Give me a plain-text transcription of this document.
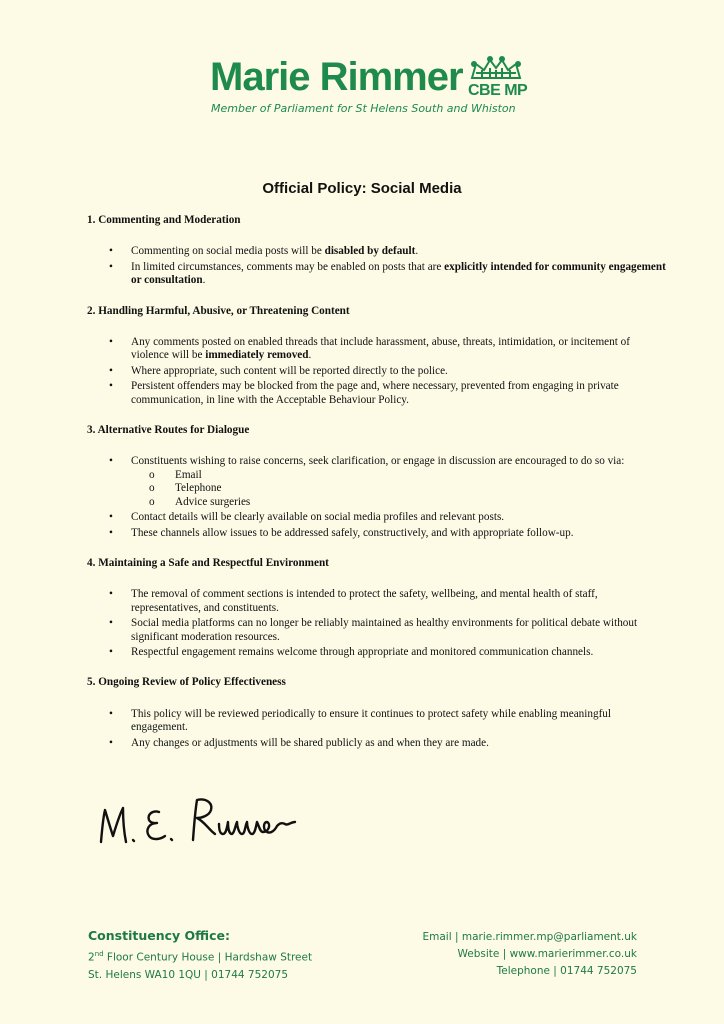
Marie Rimmer CBE MP
Member of Parliament for St Helens South and Whiston
Official Policy: Social Media
1. Commenting and Moderation
• Commenting on social media posts will be disabled by default.
• In limited circumstances, comments may be enabled on posts that are explicitly intended for community engagement or consultation.
2. Handling Harmful, Abusive, or Threatening Content
• Any comments posted on enabled threads that include harassment, abuse, threats, intimidation, or incitement of violence will be immediately removed.
• Where appropriate, such content will be reported directly to the police.
• Persistent offenders may be blocked from the page and, where necessary, prevented from engaging in private communication, in line with the Acceptable Behaviour Policy.
3. Alternative Routes for Dialogue
• Constituents wishing to raise concerns, seek clarification, or engage in discussion are encouraged to do so via:
o Email
o Telephone
o Advice surgeries
• Contact details will be clearly available on social media profiles and relevant posts.
• These channels allow issues to be addressed safely, constructively, and with appropriate follow-up.
4. Maintaining a Safe and Respectful Environment
• The removal of comment sections is intended to protect the safety, wellbeing, and mental health of staff, representatives, and constituents.
• Social media platforms can no longer be reliably maintained as healthy environments for political debate without significant moderation resources.
• Respectful engagement remains welcome through appropriate and monitored communication channels.
5. Ongoing Review of Policy Effectiveness
• This policy will be reviewed periodically to ensure it continues to protect safety while enabling meaningful engagement.
• Any changes or adjustments will be shared publicly as and when they are made.
Constituency Office:
2nd Floor Century House | Hardshaw Street
St. Helens WA10 1QU | 01744 752075
Email | marie.rimmer.mp@parliament.uk
Website | www.marierimmer.co.uk
Telephone | 01744 752075
